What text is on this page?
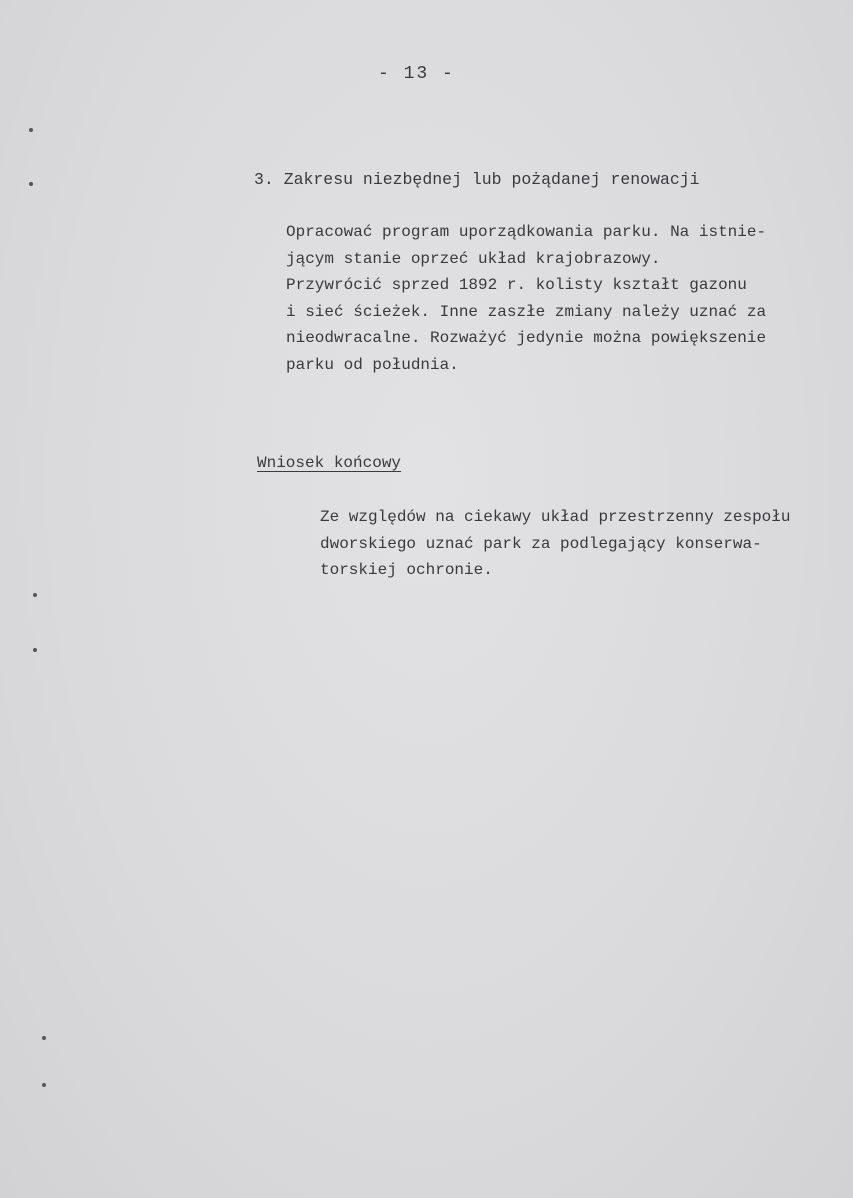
- 13 -
3. Zakresu niezbędnej lub pożądanej renowacji

Opracować program uporządkowania parku. Na istnie-
jącym stanie oprzeć układ krajobrazowy.
Przywrócić sprzed 1892 r. kolisty kształt gazonu
i sieć ścieżek. Inne zaszłe zmiany należy uznać za
nieodwracalne. Rozważyć jedynie można powiększenie
parku od południa.

Wniosek końcowy

Ze względów na ciekawy układ przestrzenny zespołu
dworskiego uznać park za podlegający konserwa-
torskiej ochronie.
